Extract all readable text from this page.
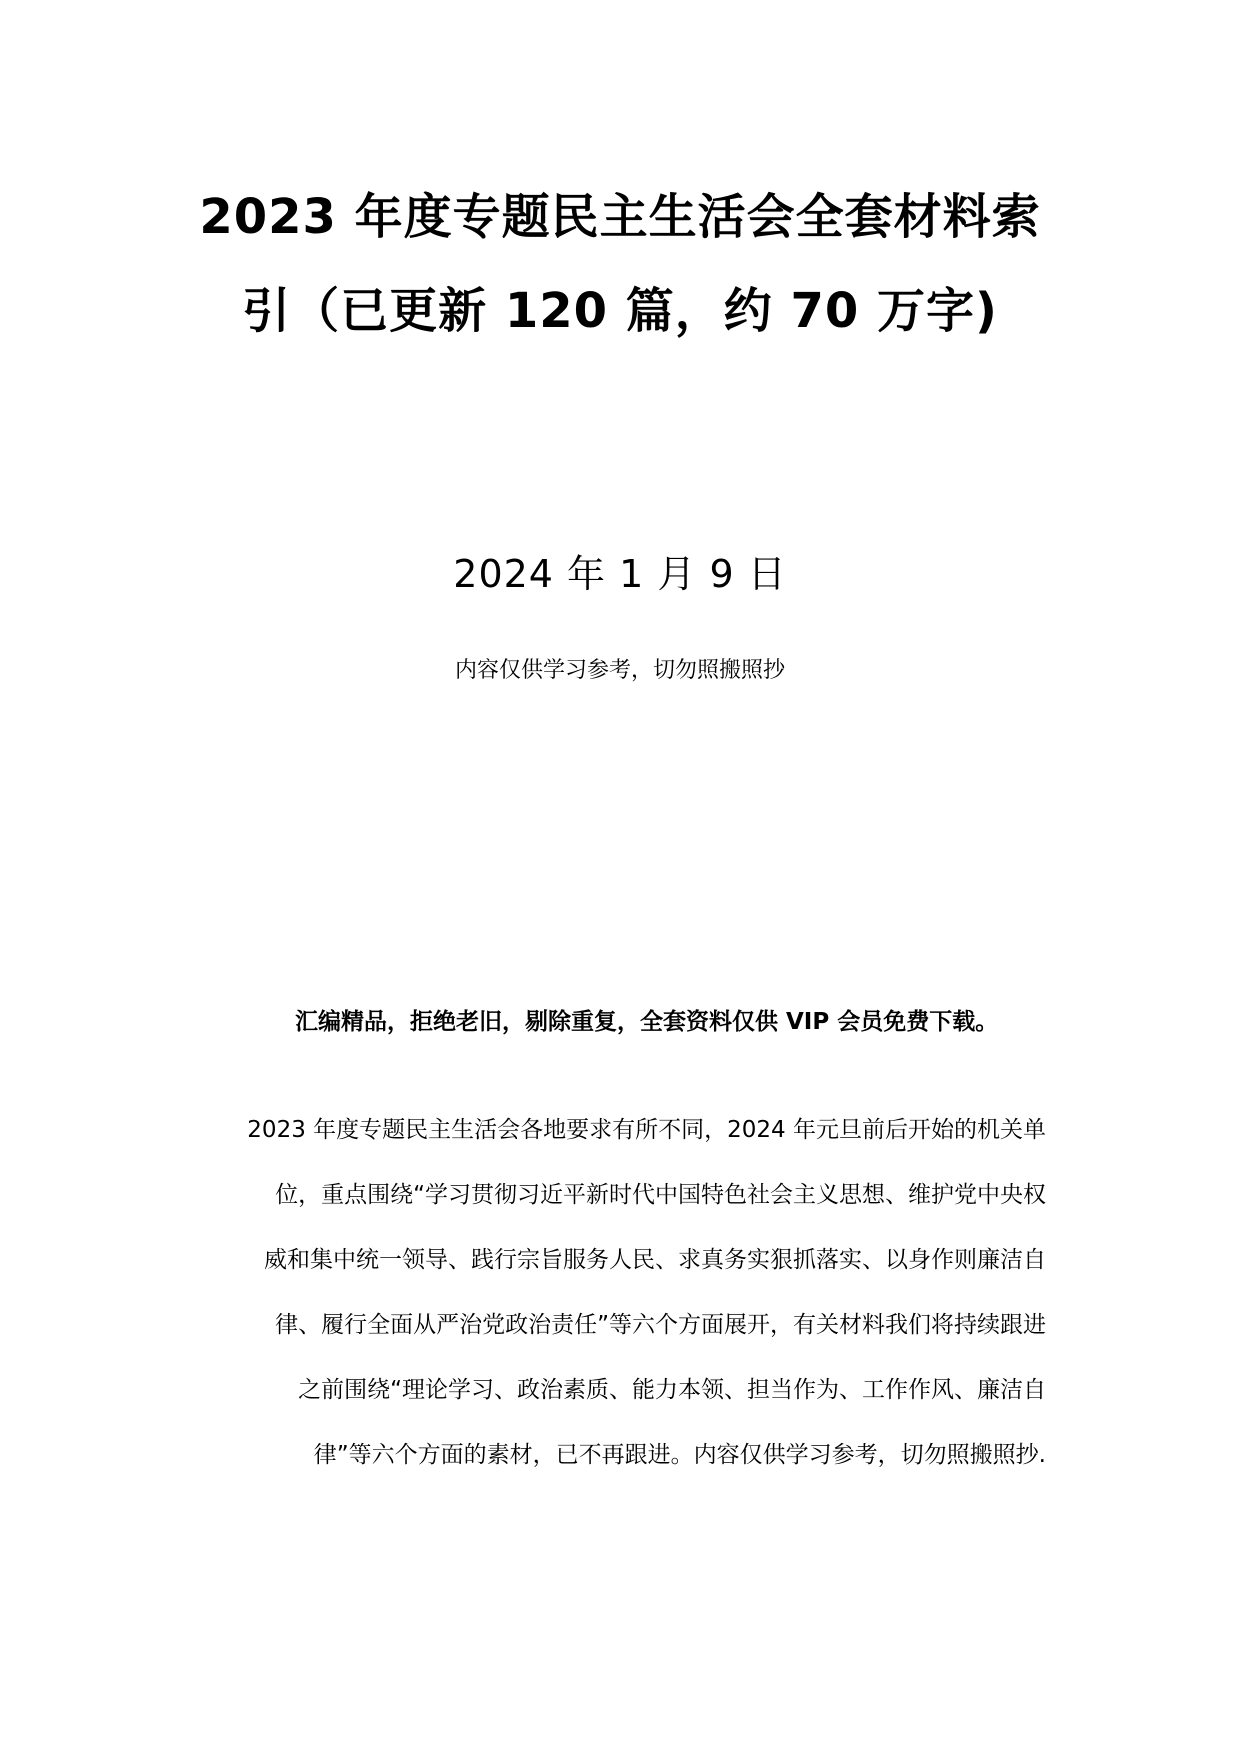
2023 年度专题民主生活会全套材料索
引（已更新 120 篇，约 70 万字)
2024 年 1 月 9 日
内容仅供学习参考，切勿照搬照抄
汇编精品，拒绝老旧，剔除重复，全套资料仅供 VIP 会员免费下载。
2023 年度专题民主生活会各地要求有所不同，2024 年元旦前后开始的机关单
位，重点围绕“学习贯彻习近平新时代中国特色社会主义思想、维护党中央权
威和集中统一领导、践行宗旨服务人民、求真务实狠抓落实、以身作则廉洁自
律、履行全面从严治党政治责任”等六个方面展开，有关材料我们将持续跟进
之前围绕“理论学习、政治素质、能力本领、担当作为、工作作风、廉洁自
律”等六个方面的素材，已不再跟进。内容仅供学习参考，切勿照搬照抄.
